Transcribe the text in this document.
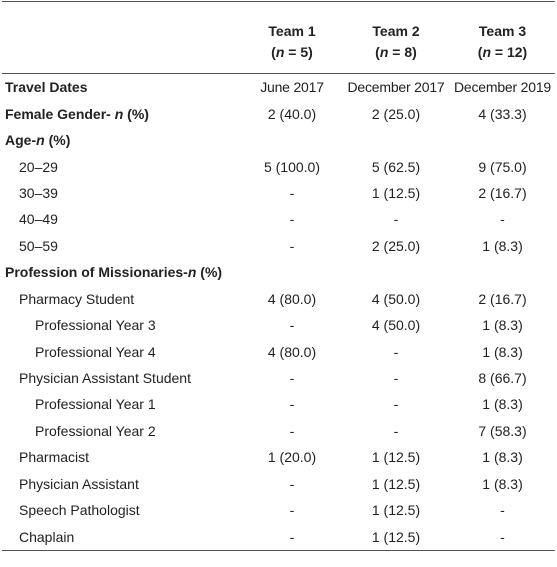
	Team 1	Team 2	Team 3
	(n = 5)	(n = 8)	(n = 12)
Travel Dates	June 2017	December 2017	December 2019
Female Gender- n (%)	2 (40.0)	2 (25.0)	4 (33.3)
Age-n (%)			
20–29	5 (100.0)	5 (62.5)	9 (75.0)
30–39	-	1 (12.5)	2 (16.7)
40–49	-	-	-
50–59	-	2 (25.0)	1 (8.3)
Profession of Missionaries-n (%)			
Pharmacy Student	4 (80.0)	4 (50.0)	2 (16.7)
Professional Year 3	-	4 (50.0)	1 (8.3)
Professional Year 4	4 (80.0)	-	1 (8.3)
Physician Assistant Student	-	-	8 (66.7)
Professional Year 1	-	-	1 (8.3)
Professional Year 2	-	-	7 (58.3)
Pharmacist	1 (20.0)	1 (12.5)	1 (8.3)
Physician Assistant	-	1 (12.5)	1 (8.3)
Speech Pathologist	-	1 (12.5)	-
Chaplain	-	1 (12.5)	-
